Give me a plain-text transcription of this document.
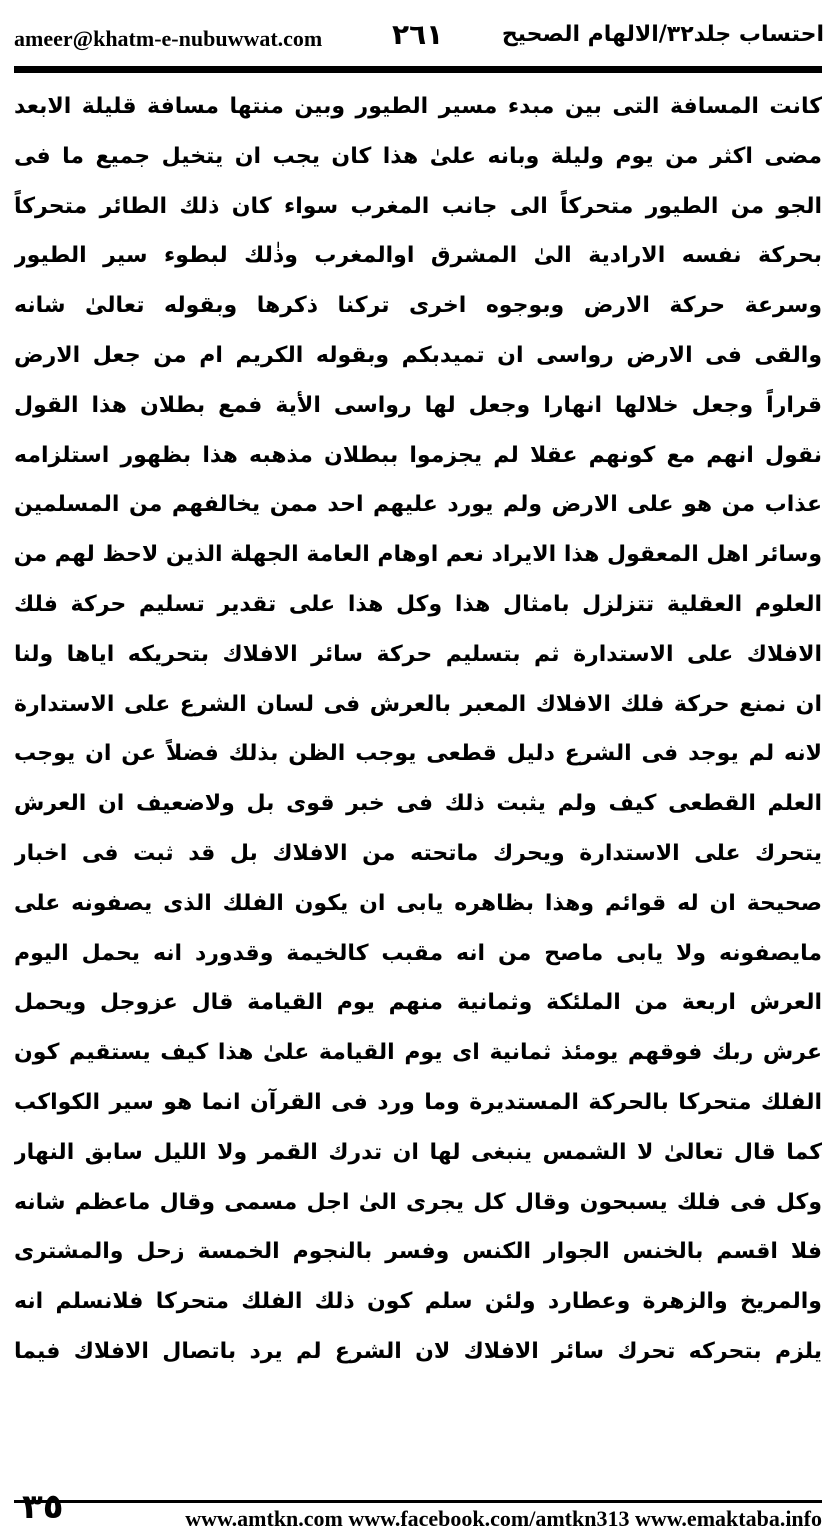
ameer@khatm-e-nubuwwat.com ٢٦١	احتساب جلد٣٢/الالهام الصحيح
كانت المسافة التى بين مبدء مسير الطيور وبين منتها مسافة قليلة الابعد
مضى اكثر من يوم وليلة وبانه علىٰ هذا كان يجب ان يتخيل جميع ما فى
الجو من الطيور متحركاً الى جانب المغرب سواء كان ذلك الطائر متحركاً
بحركة نفسه الارادية الىٰ المشرق اوالمغرب وذٰلك لبطوء سير الطيور
وسرعة حركة الارض وبوجوه اخرى تركنا ذكرها وبقوله تعالىٰ شانه
والقى فى الارض رواسى ان تميدبكم وبقوله الكريم ام من جعل الارض
قراراً وجعل خلالها انهارا وجعل لها رواسى الأية فمع بطلان هذا القول
نقول انهم مع كونهم عقلا لم يجزموا ببطلان مذهبه هذا بظهور استلزامه
عذاب من هو على الارض ولم يورد عليهم احد ممن يخالفهم من المسلمين
وسائر اهل المعقول هذا الايراد نعم اوهام العامة الجهلة الذين لاحظ لهم من
العلوم العقلية تتزلزل بامثال هذا وكل هذا على تقدير تسليم حركة فلك
الافلاك على الاستدارة ثم بتسليم حركة سائر الافلاك بتحريكه اياها ولنا
ان نمنع حركة فلك الافلاك المعبر بالعرش فى لسان الشرع على الاستدارة
لانه لم يوجد فى الشرع دليل قطعى يوجب الظن بذلك فضلاً عن ان يوجب
العلم القطعى كيف ولم يثبت ذلك فى خبر قوى بل ولاضعيف ان العرش
يتحرك على الاستدارة ويحرك ماتحته من الافلاك بل قد ثبت فى اخبار
صحيحة ان له قوائم وهذا بظاهره يابى ان يكون الفلك الذى يصفونه على
مايصفونه ولا يابى ماصح من انه مقبب كالخيمة وقدورد انه يحمل اليوم
العرش اربعة من الملئكة وثمانية منهم يوم القيامة قال عزوجل ويحمل
عرش ربك فوقهم يومئذ ثمانية اى يوم القيامة علىٰ هذا كيف يستقيم كون
الفلك متحركا بالحركة المستديرة وما ورد فى القرآن انما هو سير الكواكب
كما قال تعالىٰ لا الشمس ينبغى لها ان تدرك القمر ولا الليل سابق النهار
وكل فى فلك يسبحون وقال كل يجرى الىٰ اجل مسمى وقال ماعظم شانه
فلا اقسم بالخنس الجوار الكنس وفسر بالنجوم الخمسة زحل والمشترى
والمريخ والزهرة وعطارد ولئن سلم كون ذلك الفلك متحركا فلانسلم انه
يلزم بتحركه تحرك سائر الافلاك لان الشرع لم يرد باتصال الافلاك فيما
٣٥	www.amtkn.com www.facebook.com/amtkn313 www.emaktaba.info
